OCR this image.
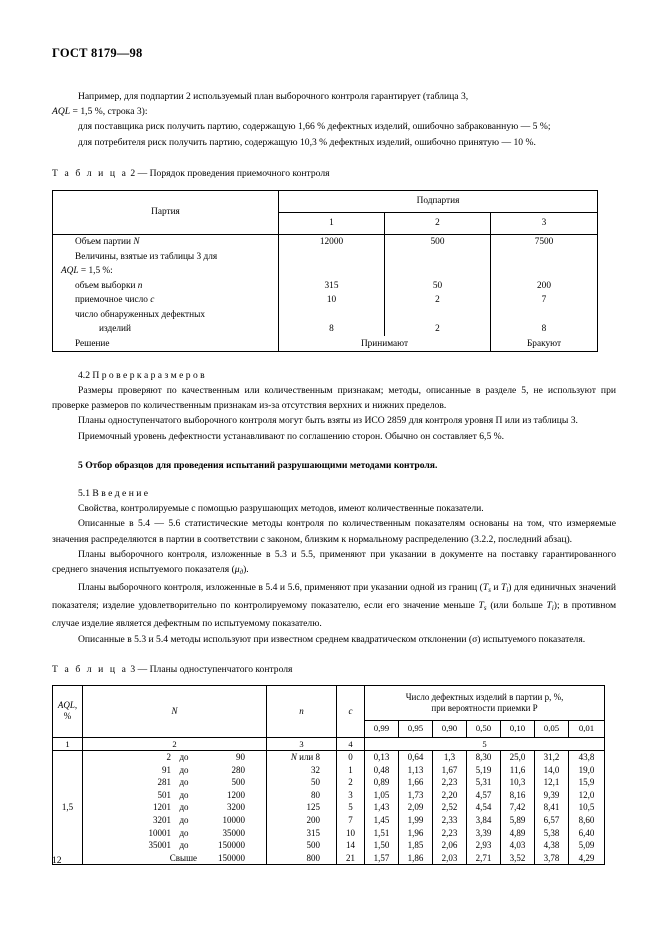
ГОСТ 8179—98

Например, для подпартии 2 используемый план выборочного контроля гарантирует (таблица 3,
AQL = 1,5 %, строка 3):

для поставщика риск получить партию, содержащую 1,66 % дефектных изделий, ошибочно забракованную — 5 %;

для потребителя риск получить партию, содержащую 10,3 % дефектных изделий, ошибочно принятую — 10 %.

Т а б л и ц а 2 — Порядок проведения приемочного контроля
Партия	Подпартия		
	1	2	3
Объем партии N	12000	500	7500
Величины, взятые из таблицы 3 для			
AQL = 1,5 %:			
объем выборки n	315	50	200
приемочное число c	10	2	7
число обнаруженных дефектных			
изделий	8	2	8
Решение	Принимают		Бракуют

4.2 П р о в е р к а р а з м е р о в

Размеры проверяют по качественным или количественным признакам; методы, описанные в разделе 5, не используют при проверке размеров по количественным признакам из-за отсутствия верхних и нижних пределов.

Планы одноступенчатого выборочного контроля могут быть взяты из ИСО 2859 для контроля уровня П или из таблицы 3.

Приемочный уровень дефектности устанавливают по соглашению сторон. Обычно он составляет 6,5 %.

5 Отбор образцов для проведения испытаний разрушающими методами контроля.

5.1 В в е д е н и е

Свойства, контролируемые с помощью разрушающих методов, имеют количественные показатели.

Описанные в 5.4 — 5.6 статистические методы контроля по количественным показателям основаны на том, что измеряемые значения распределяются в партии в соответствии с законом, близким к нормальному распределению (3.2.2, последний абзац).

Планы выборочного контроля, изложенные в 5.3 и 5.5, применяют при указании в документе на поставку гарантированного среднего значения испытуемого показателя $(\mu_д)$.

Планы выборочного контроля, изложенные в 5.4 и 5.6, применяют при указании одной из границ ($T_s$ и $T_i$) для единичных значений показателя; изделие удовлетворительно по контролируемому показателю, если его значение меньше $T_s$ (или больше $T_i$); в противном случае изделие является дефектным по испытуемому показателю.

Описанные в 5.3 и 5.4 методы используют при известном среднем квадратическом отклонении (σ) испытуемого показателя.

Т а б л и ц а 3 — Планы одноступенчатого контроля
AQL,
%	N	n	c	Число дефектных изделий в партии p, %,
при вероятности приемки P						
				0,99	0,95	0,90	0,50	0,10	0,05	0,01
1	2	3	4	5						
1,5	2 до 90	N или 8	0	0,13	0,64	1,3	8,30	25,0	31,2	43,8

	91 до 280	32	1	0,48	1,13	1,67	5,19	11,6	14,0	19,0

	281 до 500	50	2	0,89	1,66	2,23	5,31	10,3	12,1	15,9

	501 до 1200	80	3	1,05	1,73	2,20	4,57	8,16	9,39	12,0

	1201 до 3200	125	5	1,43	2,09	2,52	4,54	7,42	8,41	10,5

	3201 до 10000	200	7	1,45	1,99	2,33	3,84	5,89	6,57	8,60

	10001 до 35000	315	10	1,51	1,96	2,23	3,39	4,89	5,38	6,40

	35001 до 150000	500	14	1,50	1,85	2,06	2,93	4,03	4,38	5,09

	Свыше 150000	800	21	1,57	1,86	2,03	2,71	3,52	3,78	4,29
12
